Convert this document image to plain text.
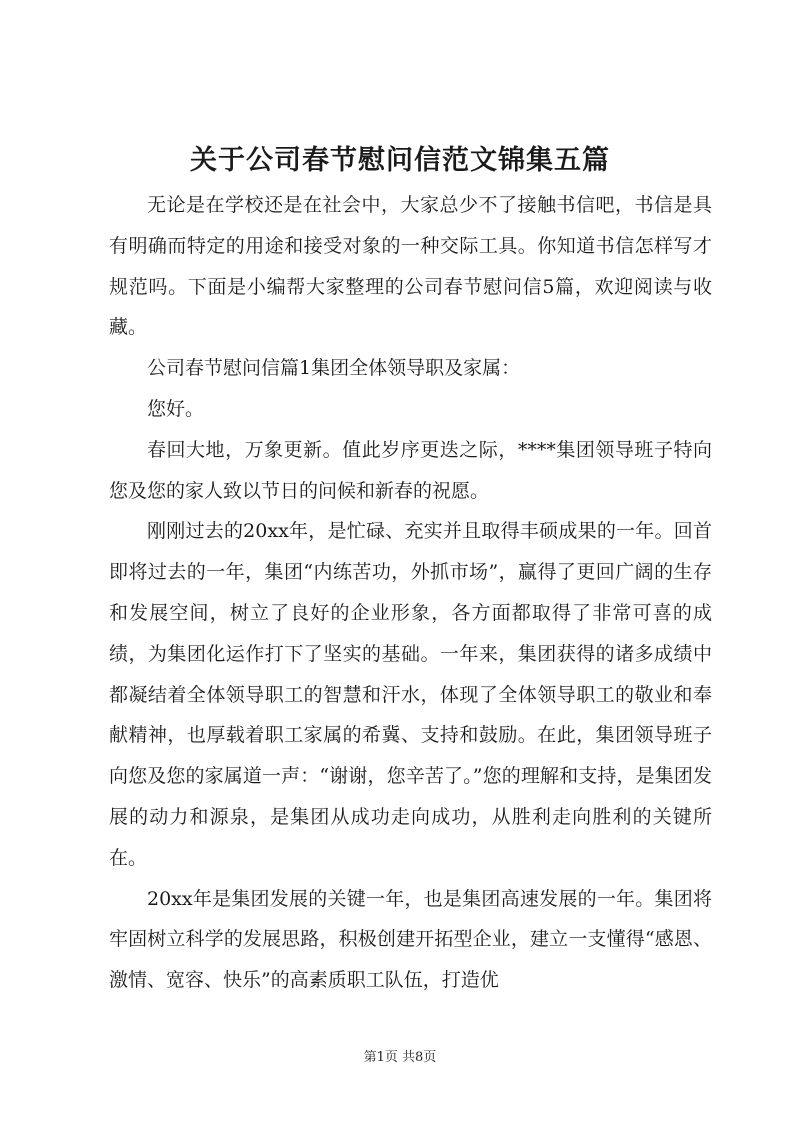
关于公司春节慰问信范文锦集五篇

无论是在学校还是在社会中，大家总少不了接触书信吧，书信是具有明确而特定的用途和接受对象的一种交际工具。你知道书信怎样写才规范吗。下面是小编帮大家整理的公司春节慰问信5篇，欢迎阅读与收藏。

公司春节慰问信篇1集团全体领导职及家属：

您好。

春回大地，万象更新。值此岁序更迭之际，****集团领导班子特向您及您的家人致以节日的问候和新春的祝愿。

刚刚过去的20xx年，是忙碌、充实并且取得丰硕成果的一年。回首即将过去的一年，集团“内练苦功，外抓市场”，赢得了更回广阔的生存和发展空间，树立了良好的企业形象，各方面都取得了非常可喜的成绩，为集团化运作打下了坚实的基础。一年来，集团获得的诸多成绩中都凝结着全体领导职工的智慧和汗水，体现了全体领导职工的敬业和奉献精神，也厚载着职工家属的希冀、支持和鼓励。在此，集团领导班子向您及您的家属道一声：“谢谢，您辛苦了。”您的理解和支持，是集团发展的动力和源泉，是集团从成功走向成功，从胜利走向胜利的关键所在。

20xx年是集团发展的关键一年，也是集团高速发展的一年。集团将牢固树立科学的发展思路，积极创建开拓型企业，建立一支懂得“感恩、激情、宽容、快乐”的高素质职工队伍，打造优

第1页 共8页
